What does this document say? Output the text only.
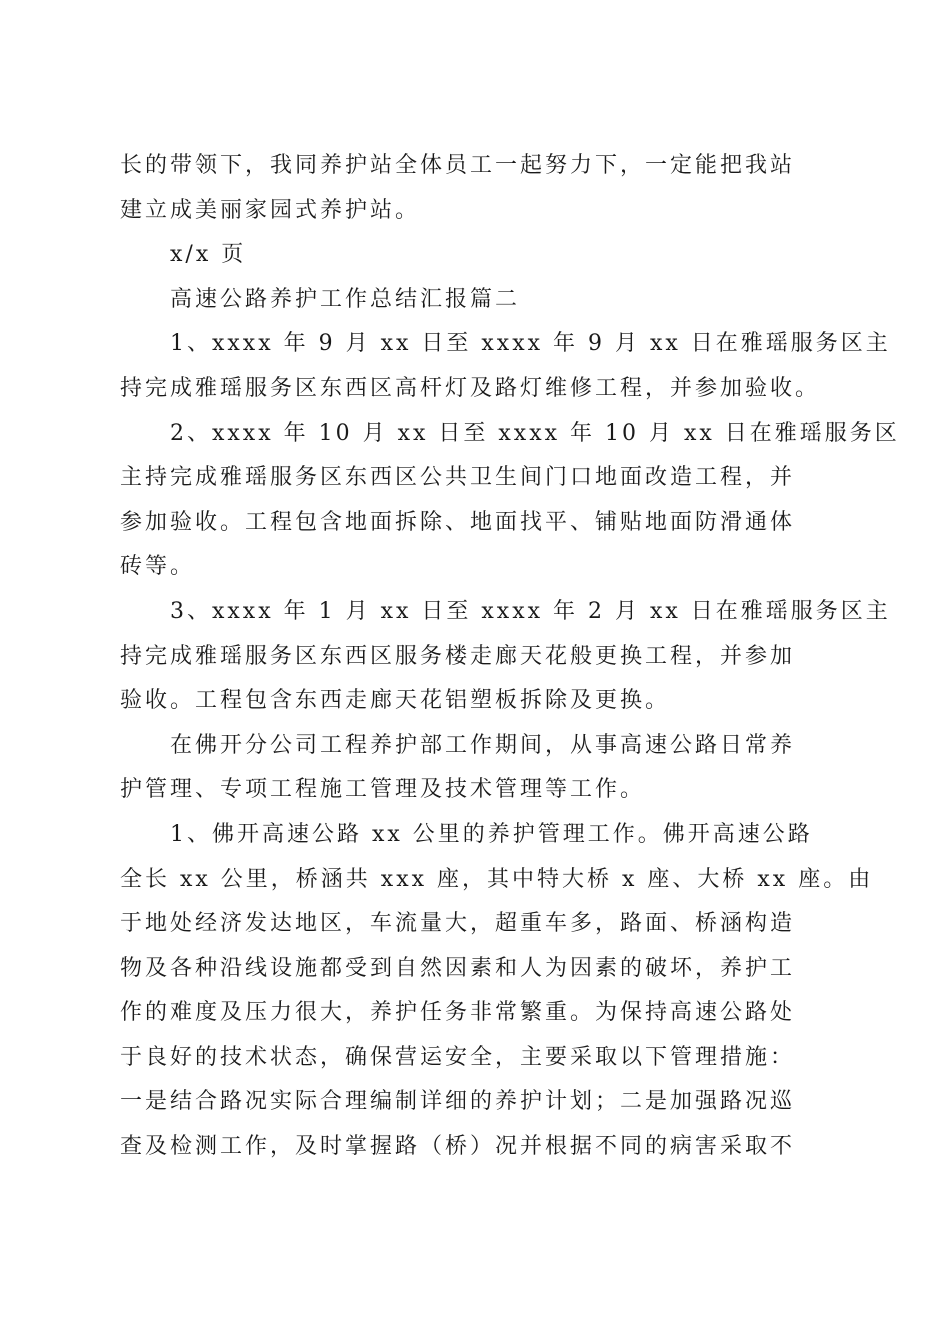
长的带领下，我同养护站全体员工一起努力下，一定能把我站
建立成美丽家园式养护站。
x/x 页
高速公路养护工作总结汇报篇二
1、xxxx 年 9 月 xx 日至 xxxx 年 9 月 xx 日在雅瑶服务区主
持完成雅瑶服务区东西区高杆灯及路灯维修工程，并参加验收。
2、xxxx 年 10 月 xx 日至 xxxx 年 10 月 xx 日在雅瑶服务区
主持完成雅瑶服务区东西区公共卫生间门口地面改造工程，并
参加验收。工程包含地面拆除、地面找平、铺贴地面防滑通体
砖等。
3、xxxx 年 1 月 xx 日至 xxxx 年 2 月 xx 日在雅瑶服务区主
持完成雅瑶服务区东西区服务楼走廊天花般更换工程，并参加
验收。工程包含东西走廊天花铝塑板拆除及更换。
在佛开分公司工程养护部工作期间，从事高速公路日常养
护管理、专项工程施工管理及技术管理等工作。
1、佛开高速公路 xx 公里的养护管理工作。佛开高速公路
全长 xx 公里，桥涵共 xxx 座，其中特大桥 x 座、大桥 xx 座。由
于地处经济发达地区，车流量大，超重车多，路面、桥涵构造
物及各种沿线设施都受到自然因素和人为因素的破坏，养护工
作的难度及压力很大，养护任务非常繁重。为保持高速公路处
于良好的技术状态，确保营运安全，主要采取以下管理措施：
一是结合路况实际合理编制详细的养护计划；二是加强路况巡
查及检测工作，及时掌握路（桥）况并根据不同的病害采取不
